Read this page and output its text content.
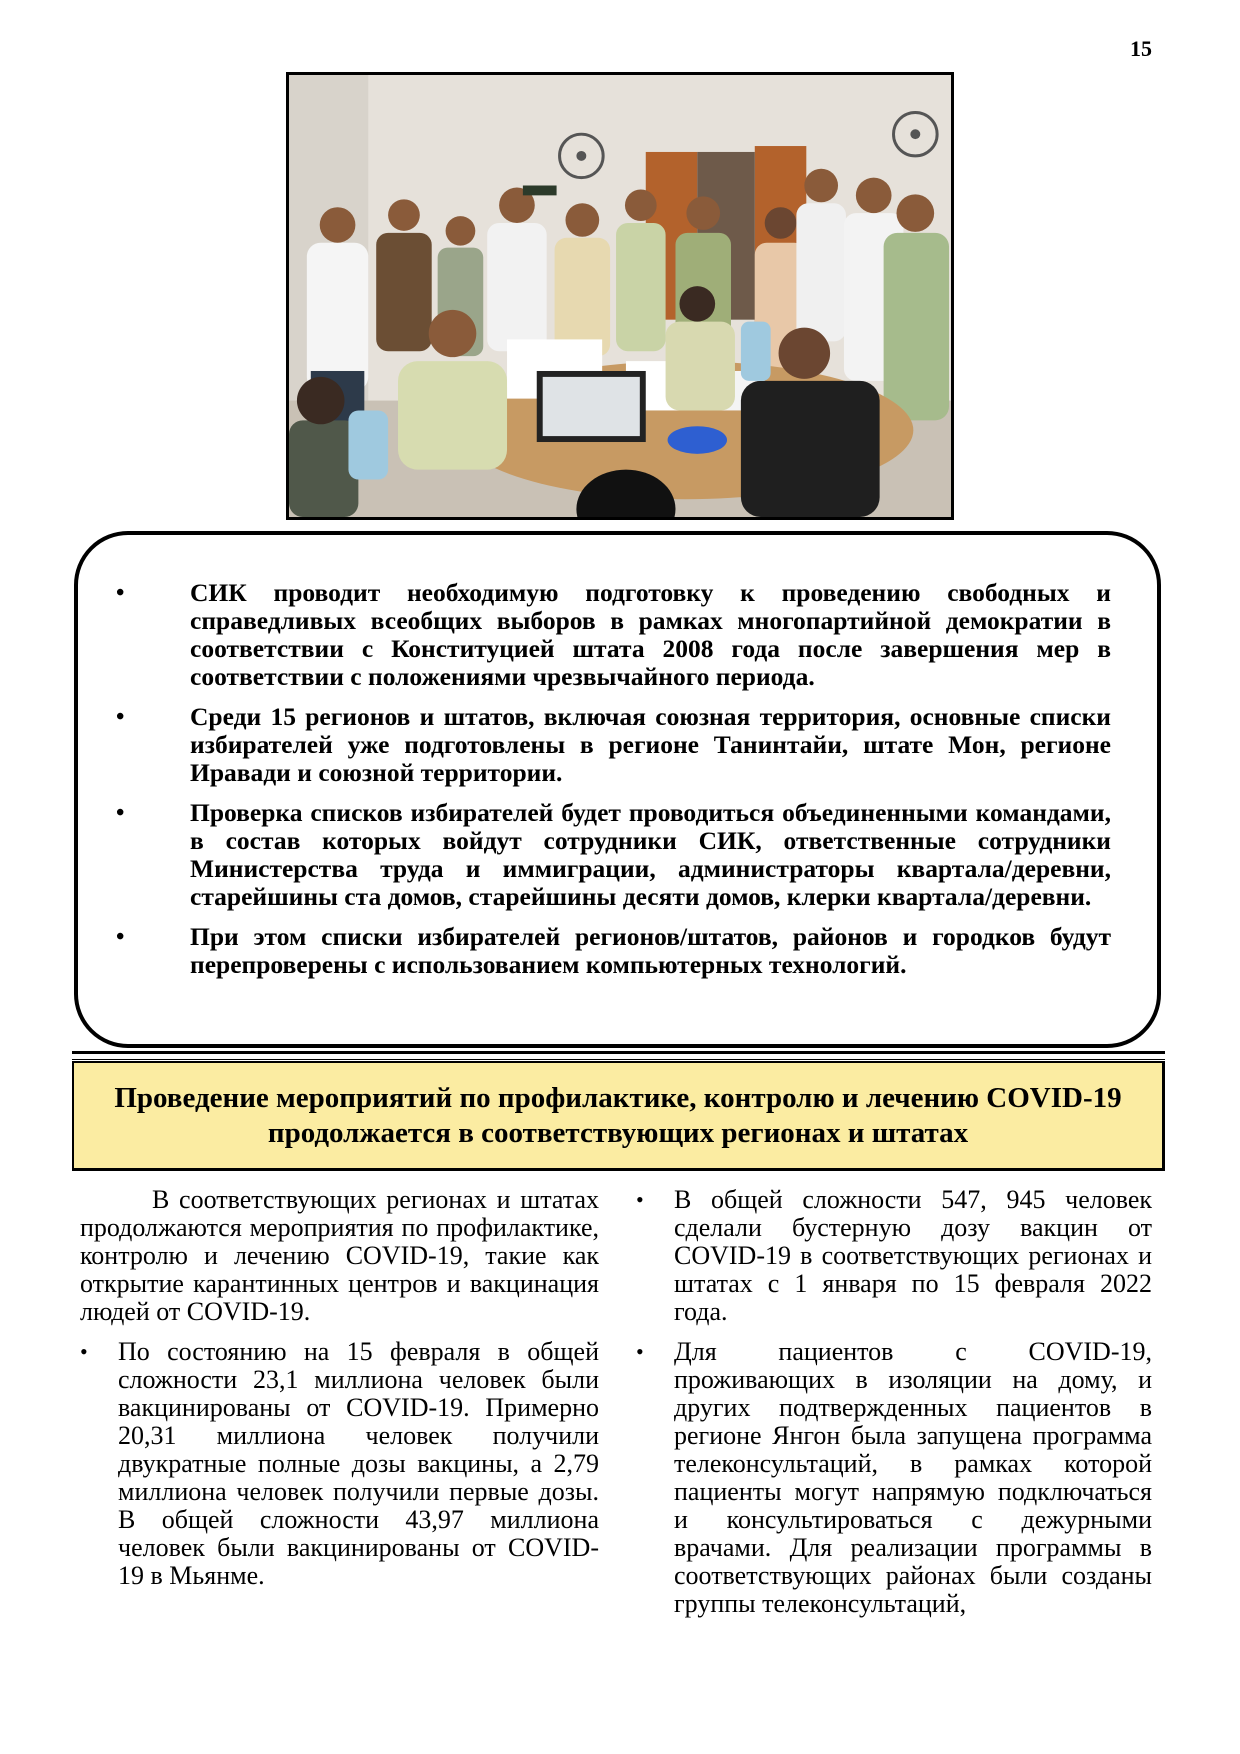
15
• СИК проводит необходимую подготовку к проведению свободных и справедливых всеобщих выборов в рамках многопартийной демократии в соответствии с Конституцией штата 2008 года после завершения мер в соответствии с положениями чрезвычайного периода.
• Среди 15 регионов и штатов, включая союзная территория, основные списки избирателей уже подготовлены в регионе Танинтайи, штате Мон, регионе Иравади и союзной территории.
• Проверка списков избирателей будет проводиться объединенными командами, в состав которых войдут сотрудники СИК, ответственные сотрудники Министерства труда и иммиграции, администраторы квартала/деревни, старейшины ста домов, старейшины десяти домов, клерки квартала/деревни.
• При этом списки избирателей регионов/штатов, районов и городков будут перепроверены с использованием компьютерных технологий.
Проведение мероприятий по профилактике, контролю и лечению COVID-19 продолжается в соответствующих регионах и штатах

В соответствующих регионах и штатах продолжаются мероприятия по профилактике, контролю и лечению COVID-19, такие как открытие карантинных центров и вакцинация людей от COVID-19.

• По состоянию на 15 февраля в общей сложности 23,1 миллиона человек были вакцинированы от COVID-19. Примерно 20,31 миллиона человек получили двукратные полные дозы вакцины, а 2,79 миллиона человек получили первые дозы. В общей сложности 43,97 миллиона человек были вакцинированы от COVID-19 в Мьянме.
• В общей сложности 547, 945 человек сделали бустерную дозу вакцин от COVID-19 в соответствующих регионах и штатах с 1 января по 15 февраля 2022 года.
• Для пациентов с COVID-19, проживающих в изоляции на дому, и других подтвержденных пациентов в регионе Янгон была запущена программа телеконсультаций, в рамках которой пациенты могут напрямую подключаться и консультироваться с дежурными врачами. Для реализации программы в соответствующих районах были созданы группы телеконсультаций,
